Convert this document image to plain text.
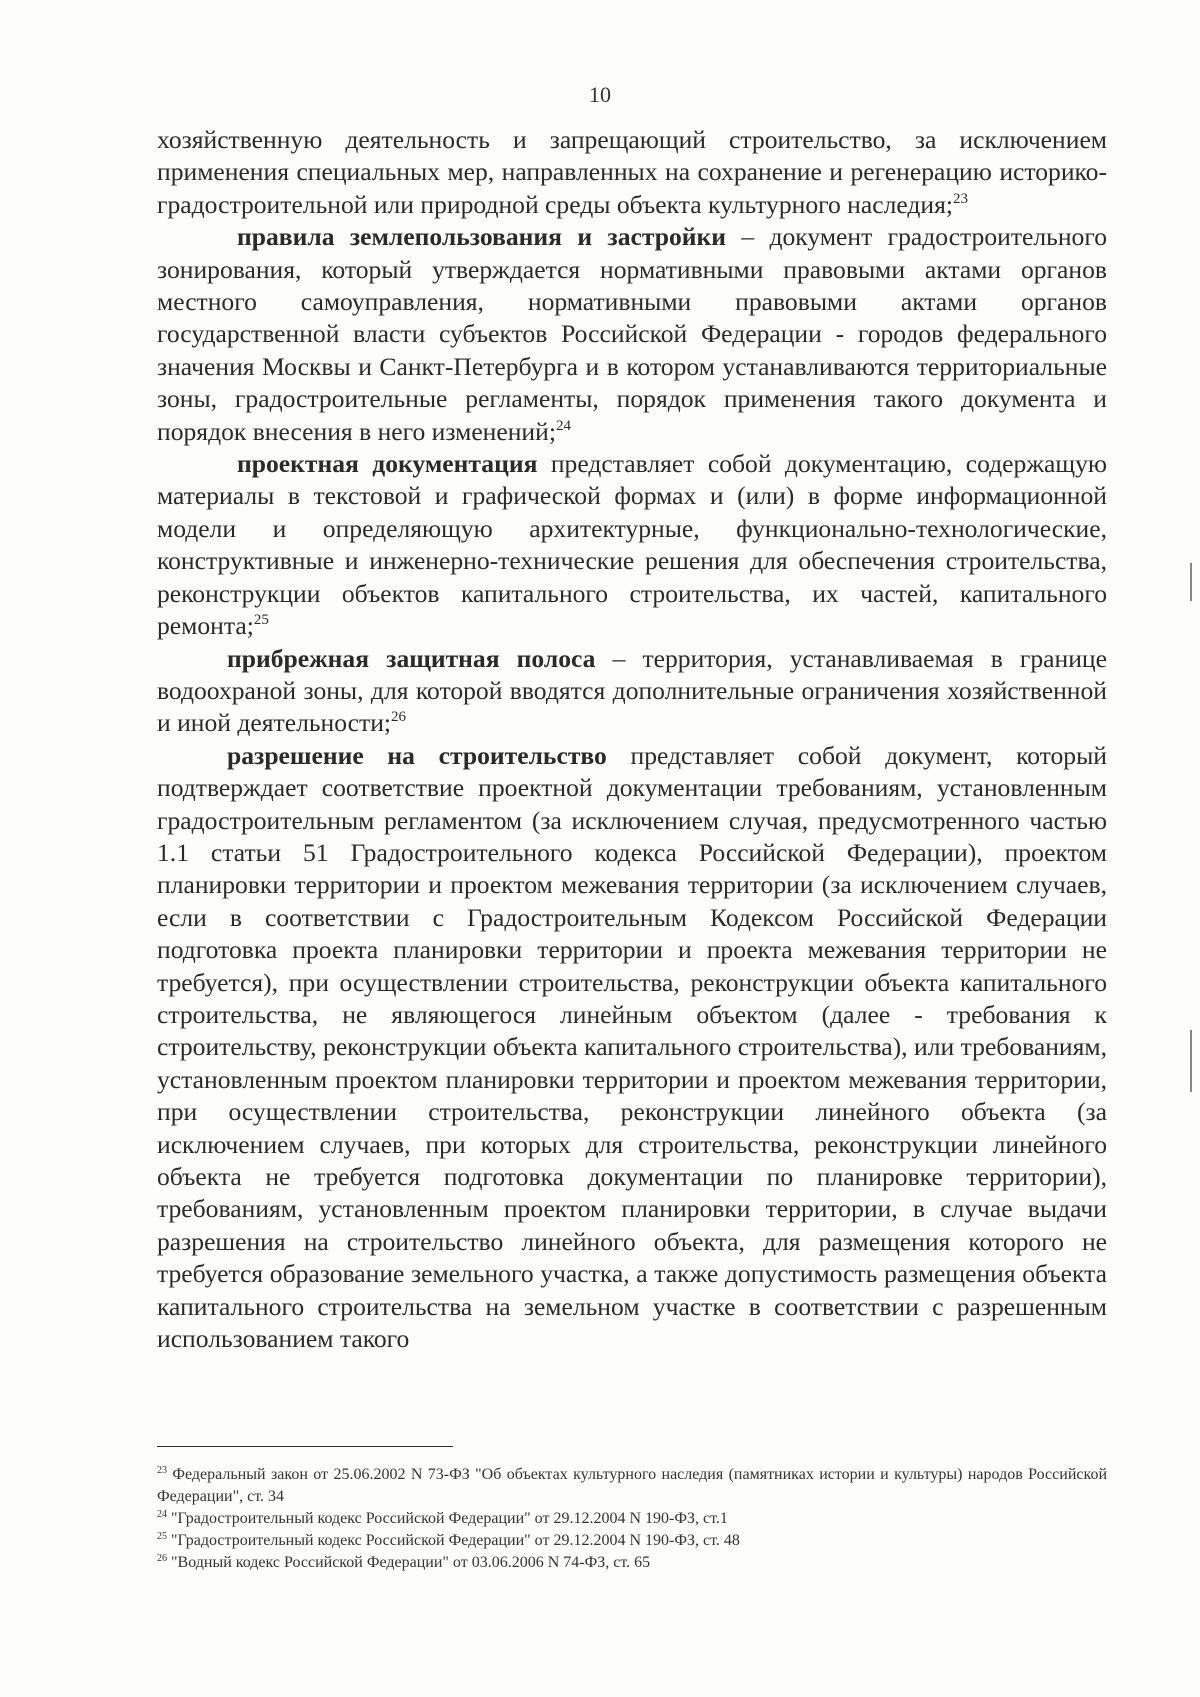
10

хозяйственную деятельность и запрещающий строительство, за исключением применения специальных мер, направленных на сохранение и регенерацию историко-градостроительной или природной среды объекта культурного наследия;$^{23}$

правила землепользования и застройки – документ градостроительного зонирования, который утверждается нормативными правовыми актами органов местного самоуправления, нормативными правовыми актами органов государственной власти субъектов Российской Федерации - городов федерального значения Москвы и Санкт-Петербурга и в котором устанавливаются территориальные зоны, градостроительные регламенты, порядок применения такого документа и порядок внесения в него изменений;$^{24}$

проектная документация представляет собой документацию, содержащую материалы в текстовой и графической формах и (или) в форме информационной модели и определяющую архитектурные, функционально-технологические, конструктивные и инженерно-технические решения для обеспечения строительства, реконструкции объектов капитального строительства, их частей, капитального ремонта;$^{25}$

прибрежная защитная полоса – территория, устанавливаемая в границе водоохраной зоны, для которой вводятся дополнительные ограничения хозяйственной и иной деятельности;$^{26}$

разрешение на строительство представляет собой документ, который подтверждает соответствие проектной документации требованиям, установленным градостроительным регламентом (за исключением случая, предусмотренного частью 1.1 статьи 51 Градостроительного кодекса Российской Федерации), проектом планировки территории и проектом межевания территории (за исключением случаев, если в соответствии с Градостроительным Кодексом Российской Федерации подготовка проекта планировки территории и проекта межевания территории не требуется), при осуществлении строительства, реконструкции объекта капитального строительства, не являющегося линейным объектом (далее - требования к строительству, реконструкции объекта капитального строительства), или требованиям, установленным проектом планировки территории и проектом межевания территории, при осуществлении строительства, реконструкции линейного объекта (за исключением случаев, при которых для строительства, реконструкции линейного объекта не требуется подготовка документации по планировке территории), требованиям, установленным проектом планировки территории, в случае выдачи разрешения на строительство линейного объекта, для размещения которого не требуется образование земельного участка, а также допустимость размещения объекта капитального строительства на земельном участке в соответствии с разрешенным использованием такого

$^{23}$ Федеральный закон от 25.06.2002 N 73-ФЗ "Об объектах культурного наследия (памятниках истории и культуры) народов Российской Федерации", ст. 34

$^{24}$ "Градостроительный кодекс Российской Федерации" от 29.12.2004 N 190-ФЗ, ст.1

$^{25}$ "Градостроительный кодекс Российской Федерации" от 29.12.2004 N 190-ФЗ, ст. 48

$^{26}$ "Водный кодекс Российской Федерации" от 03.06.2006 N 74-ФЗ, ст. 65
